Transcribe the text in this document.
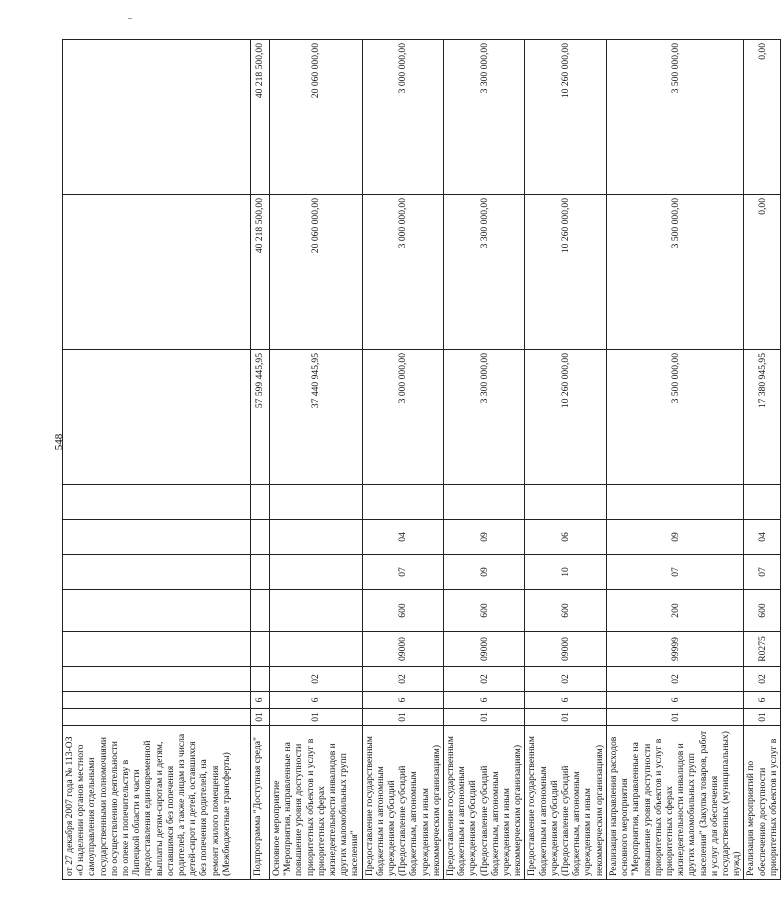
548
от 27 декабря 2007 года № 113-ОЗ «О наделении органов местного самоуправления отдельными государственными полномочиями по осуществлению деятельности по опеке и попечительству в Липецкой области в части предоставления единовременной выплаты детям-сиротам и детям, оставшимся без попечения родителей, а также лицам из числа детей-сирот и детей, оставшихся без попечения родителей, на ремонт жилого помещения (Межбюджетные трансферты)											
Подпрограмма "Доступная среда"	01	6							57 599 445,95	40 218 500,00	40 218 500,00
Основное мероприятие "Мероприятия, направленные на повышение уровня доступности приоритетных объектов и услуг в приоритетных сферах жизнедеятельности инвалидов и других маломобильных групп населения"	01	6	02						37 440 945,95	20 060 000,00	20 060 000,00
Предоставление государственным бюджетным и автономным учреждениям субсидий (Предоставление субсидий бюджетным, автономным учреждениям и иным некоммерческим организациям)	01	6	02	09000	600	07	04		3 000 000,00	3 000 000,00	3 000 000,00
Предоставление государственным бюджетным и автономным учреждениям субсидий (Предоставление субсидий бюджетным, автономным учреждениям и иным некоммерческим организациям)	01	6	02	09000	600	09	09		3 300 000,00	3 300 000,00	3 300 000,00
Предоставление государственным бюджетным и автономным учреждениям субсидий (Предоставление субсидий бюджетным, автономным учреждениям и иным некоммерческим организациям)	01	6	02	09000	600	10	06		10 260 000,00	10 260 000,00	10 260 000,00
Реализация направления расходов основного мероприятия "Мероприятия, направленные на повышение уровня доступности приоритетных объектов и услуг в приоритетных сферах жизнедеятельности инвалидов и других маломобильных групп населения" (Закупка товаров, работ и услуг для обеспечения государственных (муниципальных) нужд)	01	6	02	99999	200	07	09		3 500 000,00	3 500 000,00	3 500 000,00
Реализация мероприятий по обеспечению доступности приоритетных объектов и услуг в	01	6	02	R0275	600	07	04		17 380 945,95	0,00	0,00
